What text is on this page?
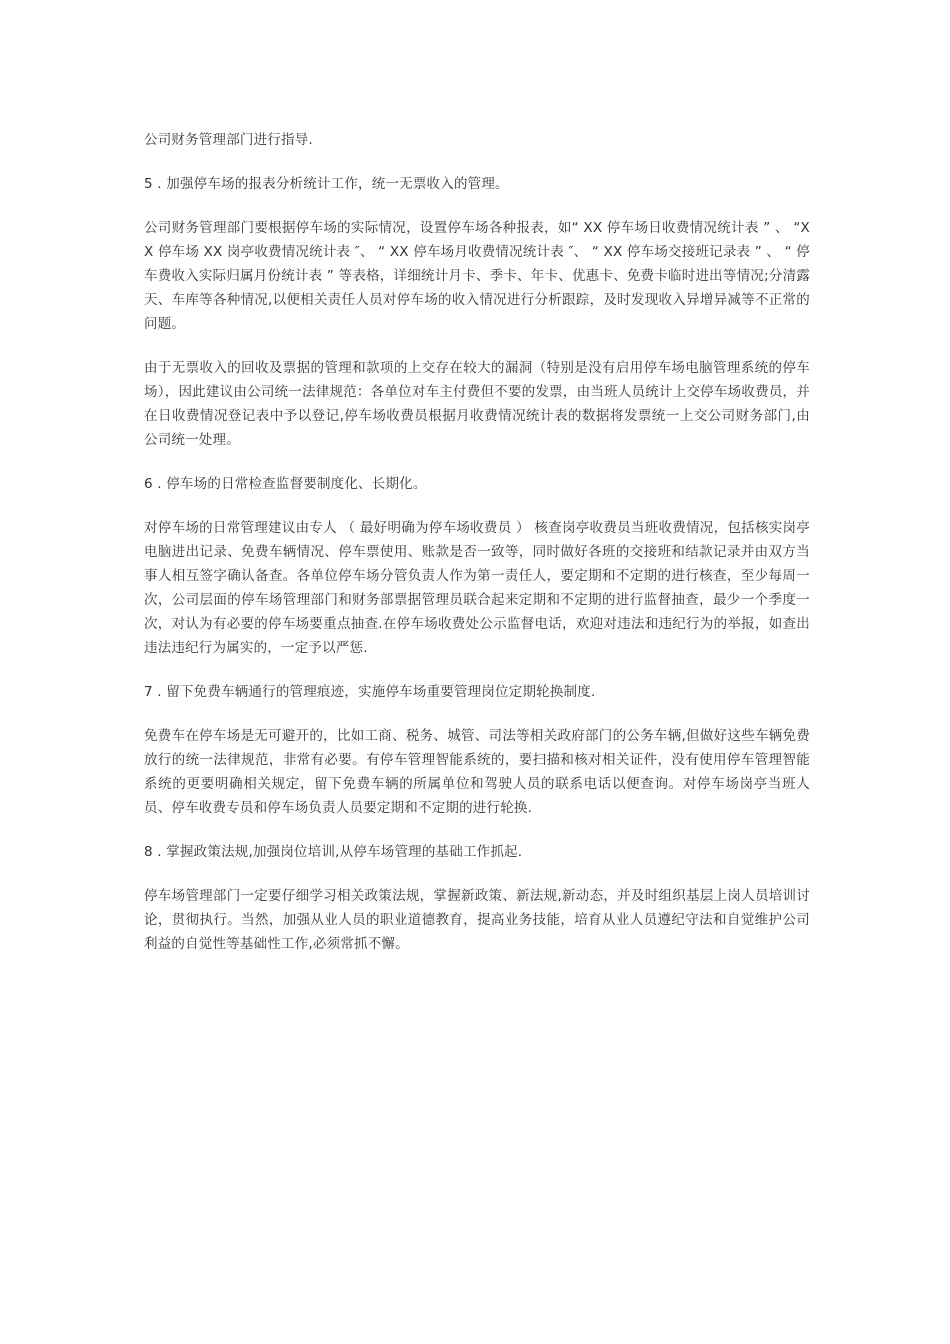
公司财务管理部门进行指导.

5 . 加强停车场的报表分析统计工作，统一无票收入的管理。

公司财务管理部门要根据停车场的实际情况，设置停车场各种报表，如“ XX 停车场日收费情况统计表 ” 、 “XX 停车场 XX 岗亭收费情况统计表 ″、 “ XX 停车场月收费情况统计表 ″、 “ XX 停车场交接班记录表 ” 、 “ 停车费收入实际归属月份统计表 ” 等表格，详细统计月卡、季卡、年卡、优惠卡、免费卡临时进出等情况;分清露天、车库等各种情况,以便相关责任人员对停车场的收入情况进行分析跟踪，及时发现收入异增异减等不正常的问题。

由于无票收入的回收及票据的管理和款项的上交存在较大的漏洞（特别是没有启用停车场电脑管理系统的停车场），因此建议由公司统一法律规范：各单位对车主付费但不要的发票，由当班人员统计上交停车场收费员，并在日收费情况登记表中予以登记,停车场收费员根据月收费情况统计表的数据将发票统一上交公司财务部门,由公司统一处理。

6 . 停车场的日常检查监督要制度化、长期化。

对停车场的日常管理建议由专人 （ 最好明确为停车场收费员 ） 核查岗亭收费员当班收费情况，包括核实岗亭电脑进出记录、免费车辆情况、停车票使用、账款是否一致等，同时做好各班的交接班和结款记录并由双方当事人相互签字确认备查。各单位停车场分管负责人作为第一责任人，要定期和不定期的进行核查，至少每周一次，公司层面的停车场管理部门和财务部票据管理员联合起来定期和不定期的进行监督抽查，最少一个季度一次，对认为有必要的停车场要重点抽查.在停车场收费处公示监督电话，欢迎对违法和违纪行为的举报，如查出违法违纪行为属实的，一定予以严惩.

7 . 留下免费车辆通行的管理痕迹，实施停车场重要管理岗位定期轮换制度.

免费车在停车场是无可避开的，比如工商、税务、城管、司法等相关政府部门的公务车辆,但做好这些车辆免费放行的统一法律规范，非常有必要。有停车管理智能系统的，要扫描和核对相关证件，没有使用停车管理智能系统的更要明确相关规定，留下免费车辆的所属单位和驾驶人员的联系电话以便查询。对停车场岗亭当班人员、停车收费专员和停车场负责人员要定期和不定期的进行轮换.

8 . 掌握政策法规,加强岗位培训,从停车场管理的基础工作抓起.

停车场管理部门一定要仔细学习相关政策法规，掌握新政策、新法规,新动态，并及时组织基层上岗人员培训讨论，贯彻执行。当然，加强从业人员的职业道德教育，提高业务技能，培育从业人员遵纪守法和自觉维护公司利益的自觉性等基础性工作,必须常抓不懈。
